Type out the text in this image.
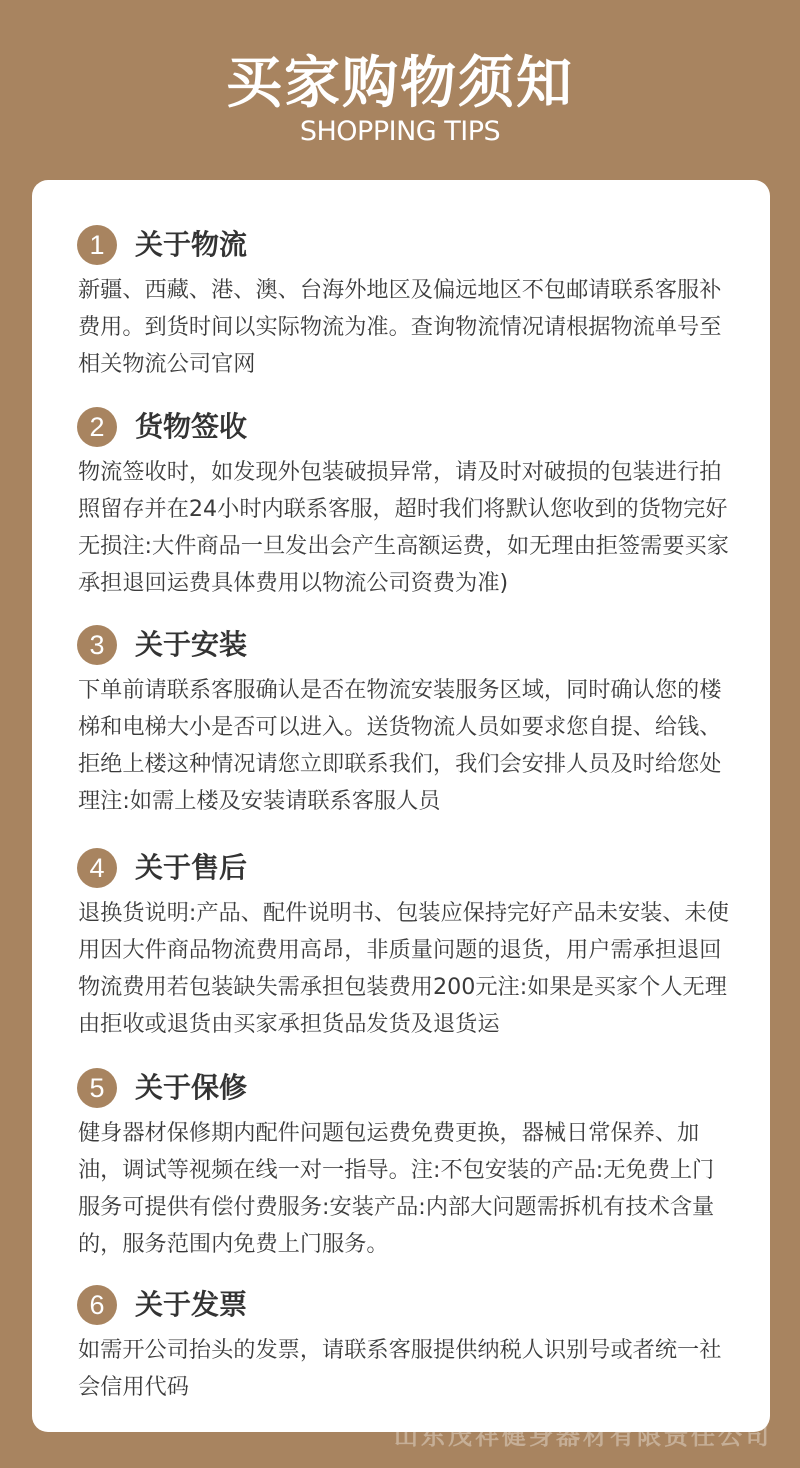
买家购物须知
SHOPPING TIPS
1	关于物流
新疆、西藏、港、澳、台海外地区及偏远地区不包邮请联系客服补费用。到货时间以实际物流为准。查询物流情况请根据物流单号至相关物流公司官网
2	货物签收
物流签收时，如发现外包装破损异常，请及时对破损的包装进行拍照留存并在24小时内联系客服，超时我们将默认您收到的货物完好无损注:大件商品一旦发出会产生高额运费，如无理由拒签需要买家承担退回运费具体费用以物流公司资费为准)
3	关于安装
下单前请联系客服确认是否在物流安装服务区域，同时确认您的楼梯和电梯大小是否可以进入。送货物流人员如要求您自提、给钱、拒绝上楼这种情况请您立即联系我们，我们会安排人员及时给您处理注:如需上楼及安装请联系客服人员
4	关于售后
退换货说明:产品、配件说明书、包装应保持完好产品未安装、未使用因大件商品物流费用高昂，非质量问题的退货，用户需承担退回物流费用若包装缺失需承担包装费用200元注:如果是买家个人无理由拒收或退货由买家承担货品发货及退货运
5	关于保修
健身器材保修期内配件问题包运费免费更换，器械日常保养、加油，调试等视频在线一对一指导。注:不包安装的产品:无免费上门服务可提供有偿付费服务:安装产品:内部大问题需拆机有技术含量的，服务范围内免费上门服务。
6	关于发票
如需开公司抬头的发票，请联系客服提供纳税人识别号或者统一社会信用代码
山东茂祥健身器材有限责任公司
